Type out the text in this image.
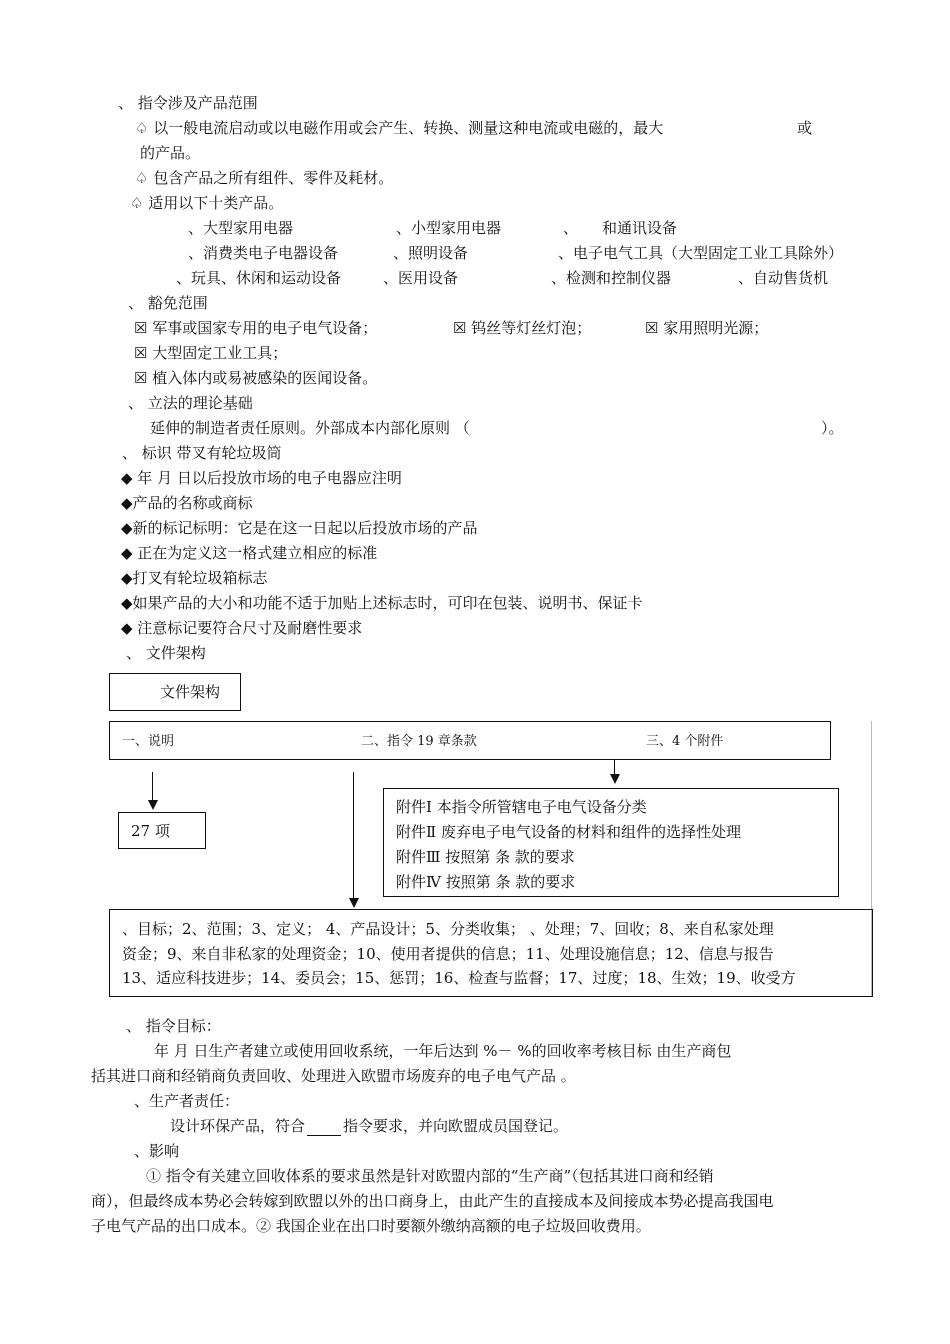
、 指令涉及产品范围
♤ 以一般电流启动或以电磁作用或会产生、转换、测量这种电流或电磁的，最大	或
的产品。
♤ 包含产品之所有组件、零件及耗材。
♤ 适用以下十类产品。
、大型家用电器	、小型家用电器	、 和通讯设备
、消费类电子电器设备	、照明设备	、电子电气工具（大型固定工业工具除外）
、玩具、休闲和运动设备	、医用设备	、检测和控制仪器	、自动售货机
、 豁免范围
☒ 军事或国家专用的电子电气设备；	☒ 钨丝等灯丝灯泡；	☒ 家用照明光源；
☒ 大型固定工业工具；
☒ 植入体内或易被感染的医闻设备。
、 立法的理论基础
延伸的制造者责任原则。外部成本内部化原则 （	）。
、 标识 带叉有轮垃圾筒
◆ 年 月 日以后投放市场的电子电器应注明
◆产品的名称或商标
◆新的标记标明：它是在这一日起以后投放市场的产品
◆ 正在为定义这一格式建立相应的标准
◆打叉有轮垃圾箱标志
◆如果产品的大小和功能不适于加贴上述标志时，可印在包装、说明书、保证卡
◆ 注意标记要符合尺寸及耐磨性要求
、 文件架构
文件架构
一、说明	二、指令 19 章条款	三、4 个附件
27 项
附件Ⅰ 本指令所管辖电子电气设备分类
附件Ⅱ 废弃电子电气设备的材料和组件的选择性处理
附件Ⅲ 按照第 条 款的要求
附件Ⅳ 按照第 条 款的要求
、目标；2、范围；3、定义； 4、产品设计；5、分类收集； 、处理；7、回收；8、来自私家处理
资金；9、来自非私家的处理资金；10、使用者提供的信息；11、处理设施信息；12、信息与报告
13、适应科技进步；14、委员会；15、惩罚；16、检查与监督；17、过度；18、生效；19、收受方
、 指令目标：
年 月 日生产者建立或使用回收系统，一年后达到 %－ %的回收率考核目标 由生产商包
括其进口商和经销商负责回收、处理进入欧盟市场废弃的电子电气产品 。
、生产者责任：
设计环保产品，符合	指令要求，并向欧盟成员国登记。
、影响
① 指令有关建立回收体系的要求虽然是针对欧盟内部的“生产商”（包括其进口商和经销
商），但最终成本势必会转嫁到欧盟以外的出口商身上，由此产生的直接成本及间接成本势必提高我国电
子电气产品的出口成本。② 我国企业在出口时要额外缴纳高额的电子垃圾回收费用。
